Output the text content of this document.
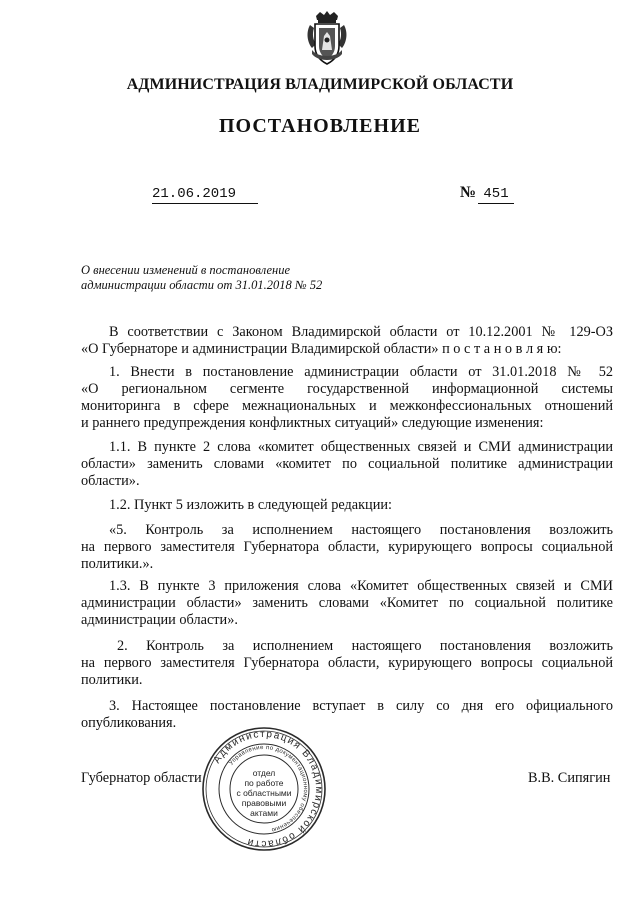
АДМИНИСТРАЦИЯ ВЛАДИМИРСКОЙ ОБЛАСТИ
ПОСТАНОВЛЕНИЕ
21.06.2019	№ 451
О внесении изменений в постановление
администрации области от 31.01.2018 № 52
В соответствии с Законом Владимирской области от 10.12.2001 № 129-ОЗ
«О Губернаторе и администрации Владимирской области» п о с т а н о в л я ю:
1. Внести в постановление администрации области от 31.01.2018 № 52
«О региональном сегменте государственной информационной системы
мониторинга в сфере межнациональных и межконфессиональных отношений
и раннего предупреждения конфликтных ситуаций» следующие изменения:
1.1. В пункте 2 слова «комитет общественных связей и СМИ администрации
области» заменить словами «комитет по социальной политике администрации
области».
1.2. Пункт 5 изложить в следующей редакции:
«5. Контроль за исполнением настоящего постановления возложить
на первого заместителя Губернатора области, курирующего вопросы социальной
политики.».
1.3. В пункте 3 приложения слова «Комитет общественных связей и СМИ
администрации области» заменить словами «Комитет по социальной политике
администрации области».
2. Контроль за исполнением настоящего постановления возложить
на первого заместителя Губернатора области, курирующего вопросы социальной
политики.
3. Настоящее постановление вступает в силу со дня его официального
опубликования.
Губернатор области	В.В. Сипягин
Администрация Владимирской области
Управление по документационному обеспечению
отдел
по работе
с областными
правовыми
актами
